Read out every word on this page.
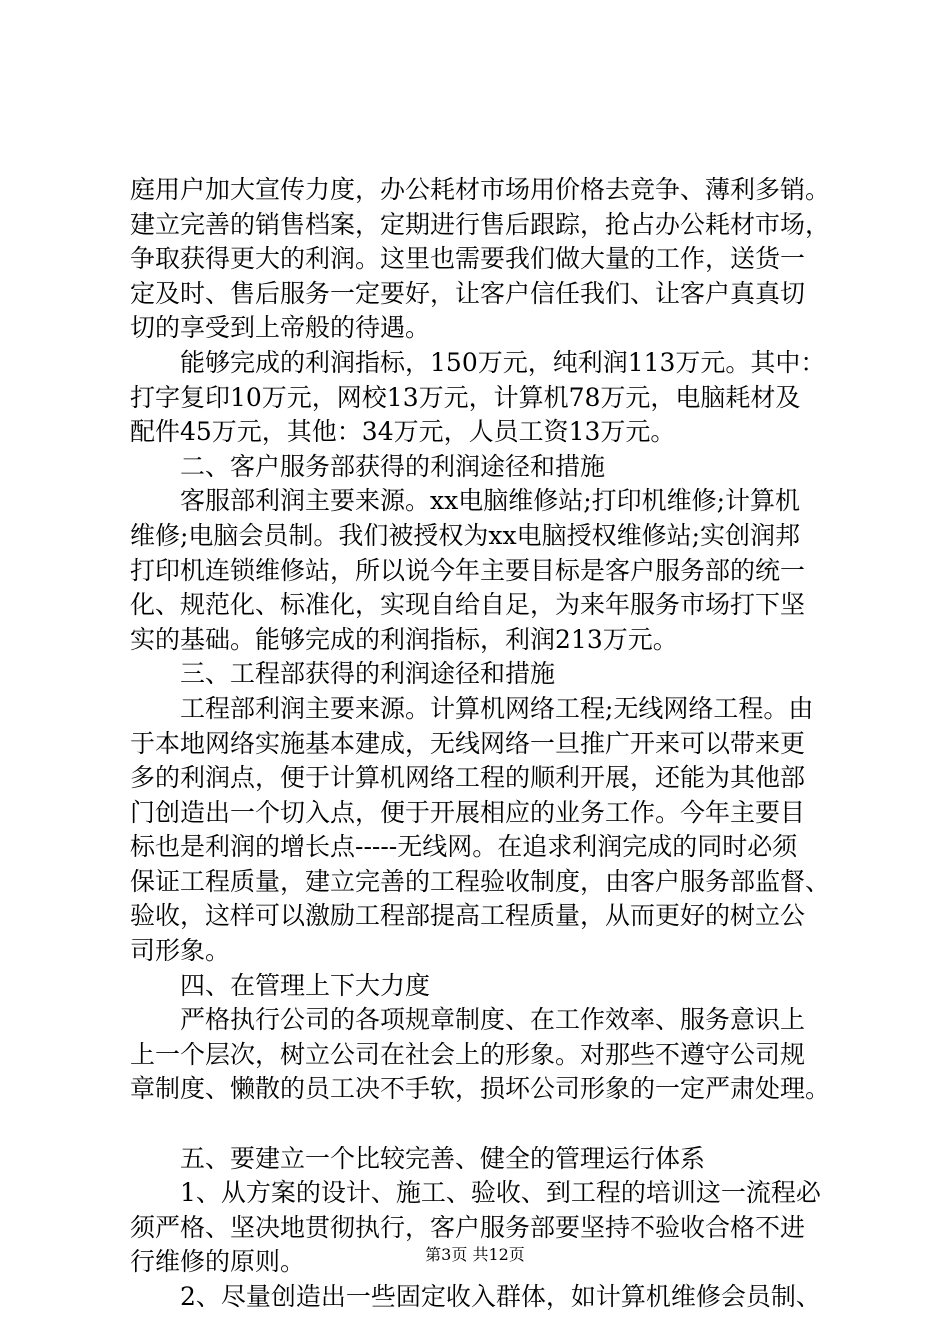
庭用户加大宣传力度，办公耗材市场用价格去竞争、薄利多销。
建立完善的销售档案，定期进行售后跟踪，抢占办公耗材市场，
争取获得更大的利润。这里也需要我们做大量的工作，送货一
定及时、售后服务一定要好，让客户信任我们、让客户真真切
切的享受到上帝般的待遇。
　　能够完成的利润指标，150万元，纯利润113万元。其中：
打字复印10万元，网校13万元，计算机78万元，电脑耗材及
配件45万元，其他：34万元，人员工资13万元。
　　二、客户服务部获得的利润途径和措施
　　客服部利润主要来源。xx电脑维修站;打印机维修;计算机
维修;电脑会员制。我们被授权为xx电脑授权维修站;实创润邦
打印机连锁维修站，所以说今年主要目标是客户服务部的统一
化、规范化、标准化，实现自给自足，为来年服务市场打下坚
实的基础。能够完成的利润指标，利润213万元。
　　三、工程部获得的利润途径和措施
　　工程部利润主要来源。计算机网络工程;无线网络工程。由
于本地网络实施基本建成，无线网络一旦推广开来可以带来更
多的利润点，便于计算机网络工程的顺利开展，还能为其他部
门创造出一个切入点，便于开展相应的业务工作。今年主要目
标也是利润的增长点-----无线网。在追求利润完成的同时必须
保证工程质量，建立完善的工程验收制度，由客户服务部监督、
验收，这样可以激励工程部提高工程质量，从而更好的树立公
司形象。
　　四、在管理上下大力度
　　严格执行公司的各项规章制度、在工作效率、服务意识上
上一个层次，树立公司在社会上的形象。对那些不遵守公司规
章制度、懒散的员工决不手软，损坏公司形象的一定严肃处理。
　　五、要建立一个比较完善、健全的管理运行体系
　　1、从方案的设计、施工、验收、到工程的培训这一流程必
须严格、坚决地贯彻执行，客户服务部要坚持不验收合格不进
行维修的原则。
　　2、尽量创造出一些固定收入群体，如计算机维修会员制、
第3页 共12页
